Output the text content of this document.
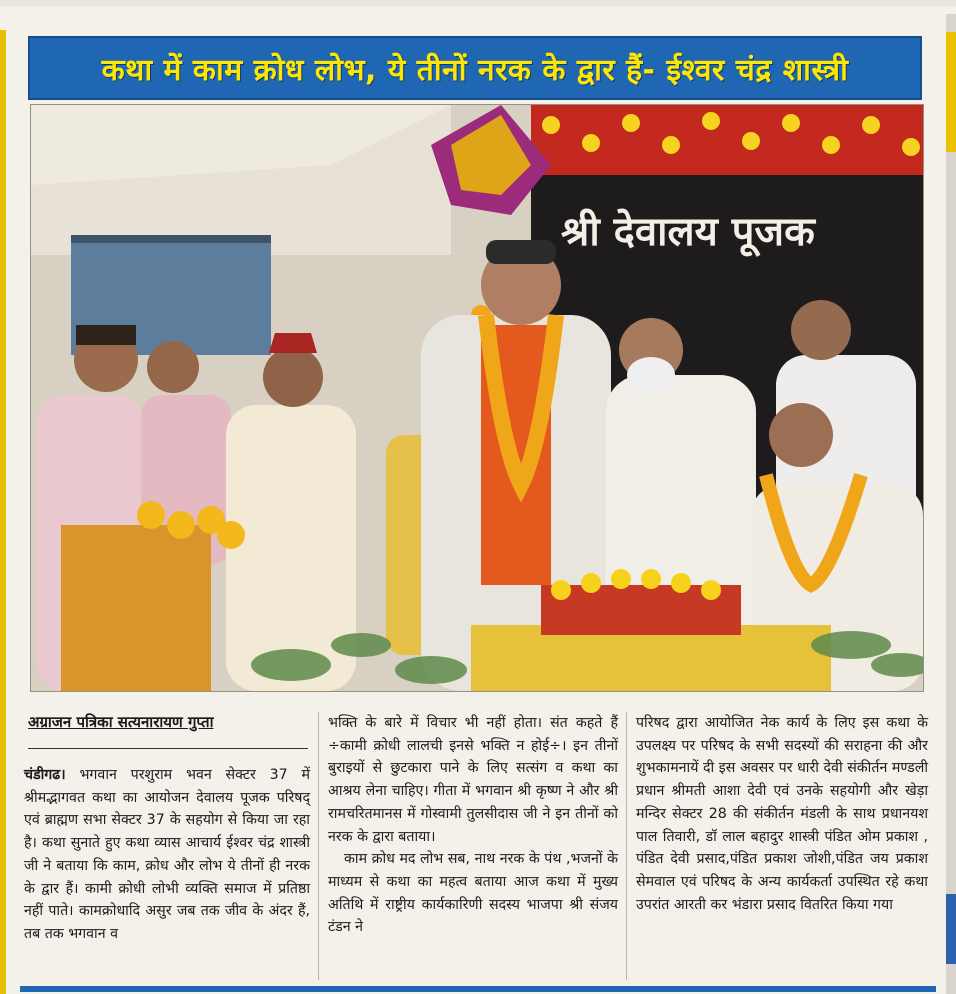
कथा में काम क्रोध लोभ, ये तीनों नरक के द्वार हैं- ईश्वर चंद्र शास्त्री
श्री देवालय पूजक
अग्राजन पत्रिका सत्यनारायण गुप्ता

चंडीगढ। भगवान परशुराम भवन सेक्टर 37 में श्रीमद्भागवत कथा का आयोजन देवालय पूजक परिषद् एवं ब्राह्मण सभा सेक्टर 37 के सहयोग से किया जा रहा है। कथा सुनाते हुए कथा व्यास आचार्य ईश्वर चंद्र शास्त्री जी ने बताया कि काम, क्रोध और लोभ ये तीनों ही नरक के द्वार हैं। कामी क्रोधी लोभी व्यक्ति समाज में प्रतिष्ठा नहीं पाते। कामक्रोधादि असुर जब तक जीव के अंदर हैं, तब तक भगवान व

भक्ति के बारे में विचार भी नहीं होता। संत कहते हैं ÷कामी क्रोधी लालची इनसे भक्ति न होई÷। इन तीनों बुराइयों से छुटकारा पाने के लिए सत्संग व कथा का आश्रय लेना चाहिए। गीता में भगवान श्री कृष्ण ने और श्री रामचरितमानस में गोस्वामी तुलसीदास जी ने इन तीनों को नरक के द्वारा बताया।

काम क्रोध मद लोभ सब, नाथ नरक के पंथ ,भजनों के माध्यम से कथा का महत्व बताया आज कथा में मुख्य अतिथि में राष्ट्रीय कार्यकारिणी सदस्य भाजपा श्री संजय टंडन ने

परिषद द्वारा आयोजित नेक कार्य के लिए इस कथा के उपलक्ष्य पर परिषद के सभी सदस्यों की सराहना की और शुभकामनायें दी इस अवसर पर धारी देवी संकीर्तन मण्डली प्रधान श्रीमती आशा देवी एवं उनके सहयोगी और खेड़ा मन्दिर सेक्टर 28 की संकीर्तन मंडली के साथ प्रधानयश पाल तिवारी, डॉ लाल बहादुर शास्त्री पंडित ओम प्रकाश , पंडित देवी प्रसाद,पंडित प्रकाश जोशी,पंडित जय प्रकाश सेमवाल एवं परिषद के अन्य कार्यकर्ता उपस्थित रहे कथा उपरांत आरती कर भंडारा प्रसाद वितरित किया गया
